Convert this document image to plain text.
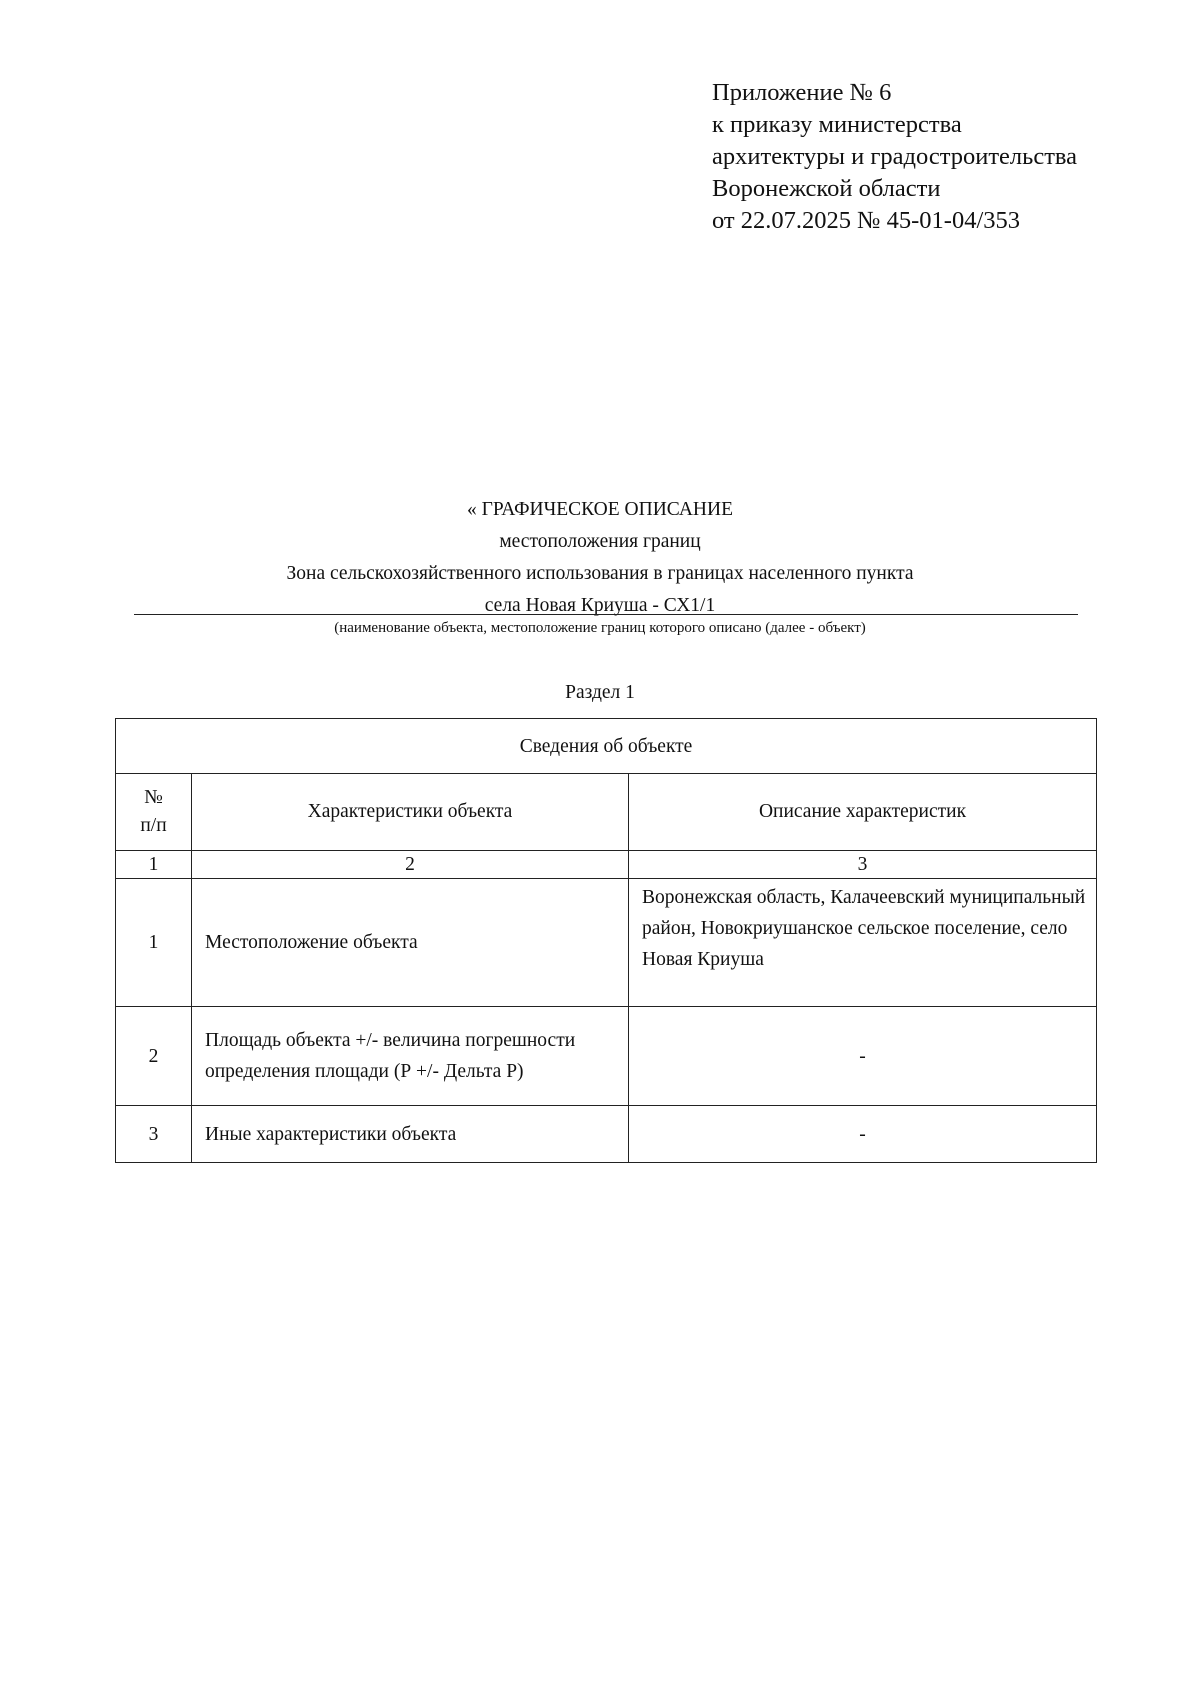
Приложение № 6
к приказу министерства
архитектуры и градостроительства
Воронежской области
от 22.07.2025 № 45-01-04/353
« ГРАФИЧЕСКОЕ ОПИСАНИЕ
местоположения границ
Зона сельскохозяйственного использования в границах населенного пункта
села Новая Криуша - СХ1/1
(наименование объекта, местоположение границ которого описано (далее - объект)
Раздел 1
Сведения об объекте		

№
п/п	Характеристики объекта	Описание характеристик
1	2	3
1	Местоположение объекта	Воронежская область, Калачеевский муниципальный район, Новокриушанское сельское поселение, село Новая Криуша
2	Площадь объекта +/- величина погрешности определения площади (Р +/- Дельта Р)	-
3	Иные характеристики объекта	-
